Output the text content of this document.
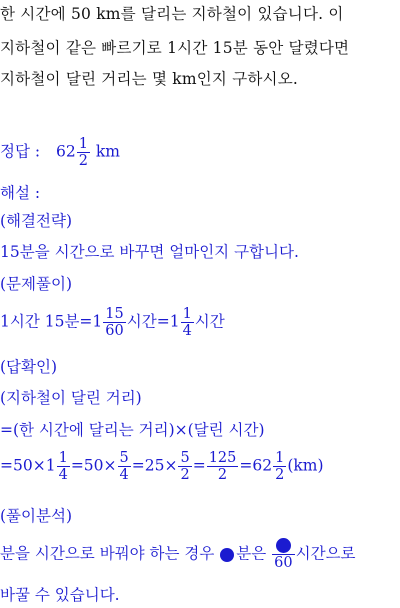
한 시간에 50 km를 달리는 지하철이 있습니다. 이
지하철이 같은 빠르기로 1시간 15분 동안 달렸다면
지하철이 달린 거리는 몇 km인지 구하시오.
정답 : $62 \frac{1}{2}$ km
해설 :
(해결전략)
15분을 시간으로 바꾸면 얼마인지 구합니다.
(문제풀이)
1시간 15분$=1 \frac{15}{60}$ 시간$=1 \frac{1}{4}$ 시간
(답확인)
(지하철이 달린 거리)
=(한 시간에 달리는 거리)×(달린 시간)
$=50\times 1 \frac{1}{4} =50\times \frac{5}{4} =25\times \frac{5}{2} = \frac{125}{2} =62 \frac{1}{2} (km)$
(풀이분석)
분을 시간으로 바꿔야 하는 경우 분은
60
시간으로
바꿀 수 있습니다.
